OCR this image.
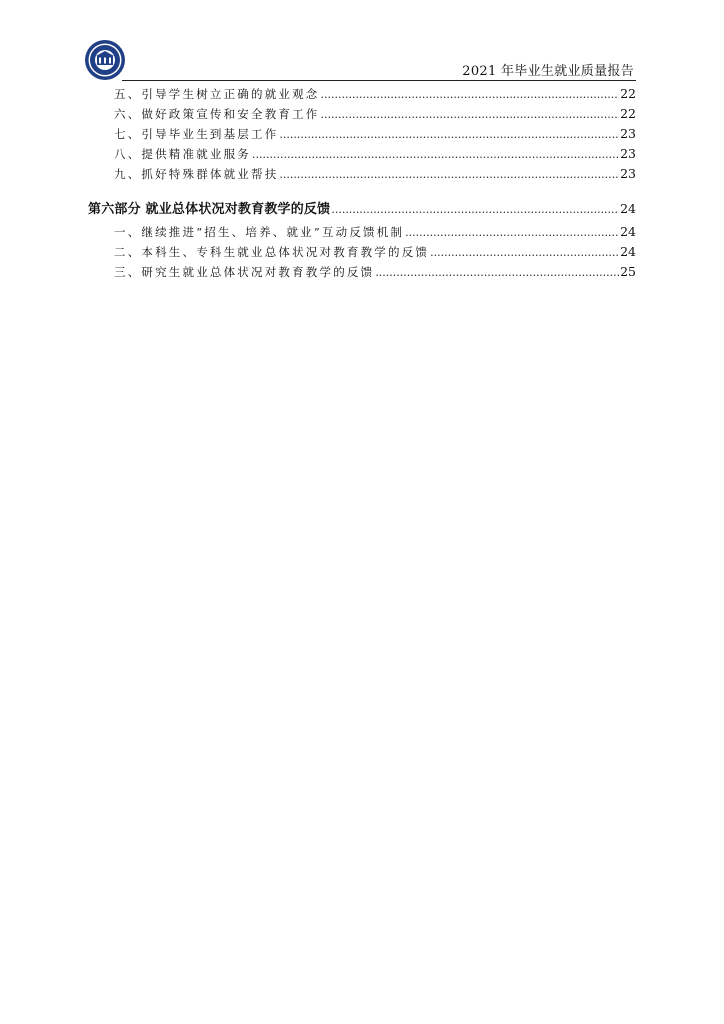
2021 年毕业生就业质量报告
五、引导学生树立正确的就业观念 .....	22
六、做好政策宣传和安全教育工作 .....	22
七、引导毕业生到基层工作 .....	23
八、提供精准就业服务 .....	23
九、抓好特殊群体就业帮扶 .....	23
第六部分 就业总体状况对教育教学的反馈 .....	24
一、继续推进“招生、培养、就业”互动反馈机制 .....	24
二、本科生、专科生就业总体状况对教育教学的反馈 .....	24
三、研究生就业总体状况对教育教学的反馈 .....	25
